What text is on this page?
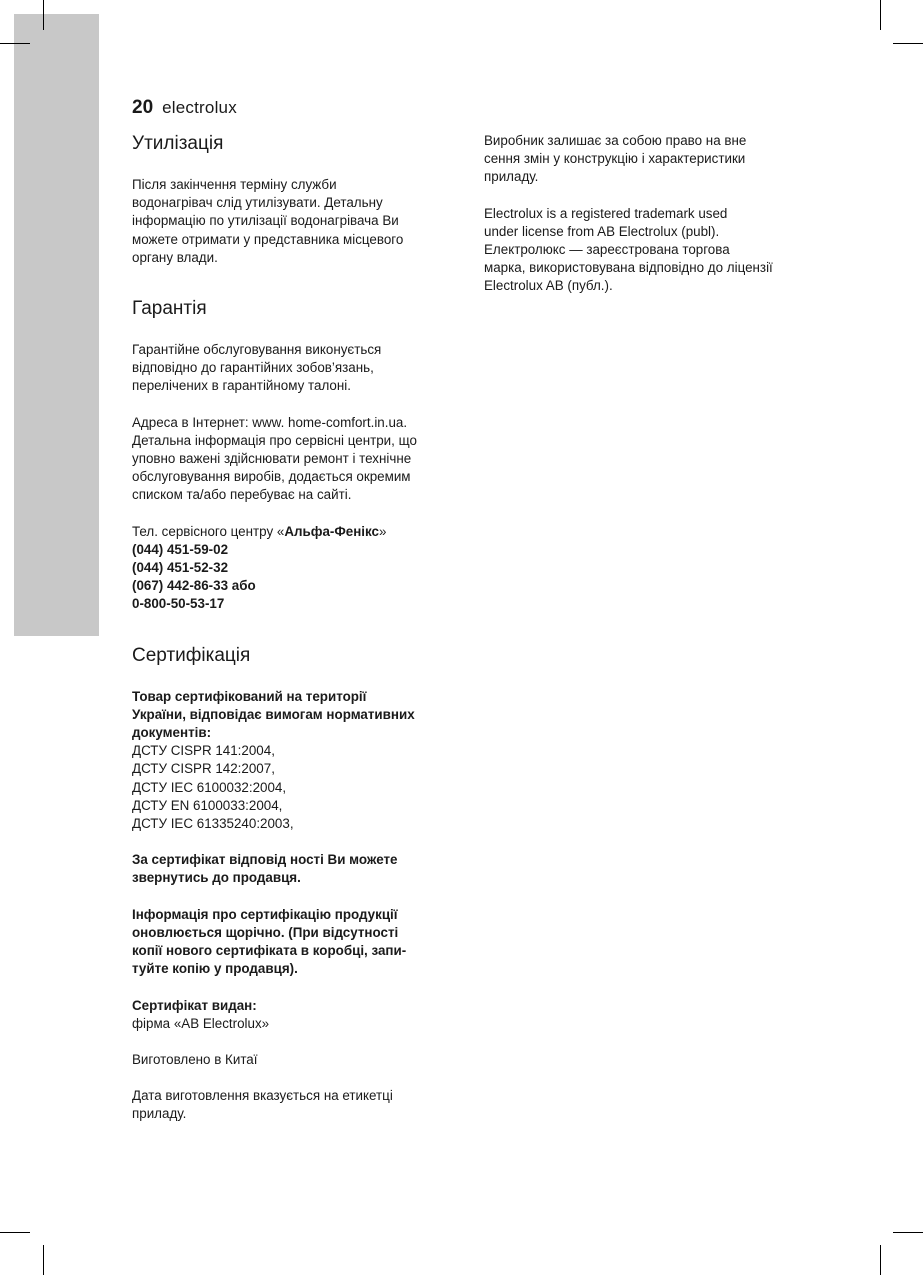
20 electrolux
Утилізація

Після закінчення терміну служби
водонагрівач слід утилізувати. Детальну
інформацію по утилізації водонагрівача Ви
можете отримати у представника місцевого
органу влади.

Гарантія

Гарантійне обслуговування виконується
відповідно до гарантійних зобов’язань,
перелічених в гарантійному талоні.

Адреса в Інтернет: www. home-comfort.in.ua.
Детальна інформація про сервісні центри, що
уповно важені здійснювати ремонт і технічне
обслуговування виробів, додається окремим
списком та/або перебуває на сайті.

Тел. сервісного центру «Альфа-Фенікс»
(044) 451-59-02
(044) 451-52-32
(067) 442-86-33 або
0-800-50-53-17

Сертифікація

Товар сертифікований на території
України, відповідає вимогам нормативних
документів:
ДСТУ CISPR 141:2004,
ДСТУ CISPR 142:2007,
ДСТУ IEC 6100032:2004,
ДСТУ EN 6100033:2004,
ДСТУ IEC 61335240:2003,

За сертифікат відповід ності Ви можете
звернутись до продавця.

Інформація про сертифікацію продукції
оновлюється щорічно. (При відсутності
копії нового сертифіката в коробці, запи-
туйте копію у продавця).

Сертифікат видан:
фірма «AB Electrolux»

Виготовлено в Китаї

Дата виготовлення вказується на етикетці
приладу.

Виробник залишає за собою право на вне
сення змін у конструкцію і характеристики
приладу.

Electrolux is a registered trademark used
under license from AB Electrolux (publ).
Електролюкс — зареєстрована торгова
марка, використовувана відповідно до ліцензії
Electrolux AB (публ.).
